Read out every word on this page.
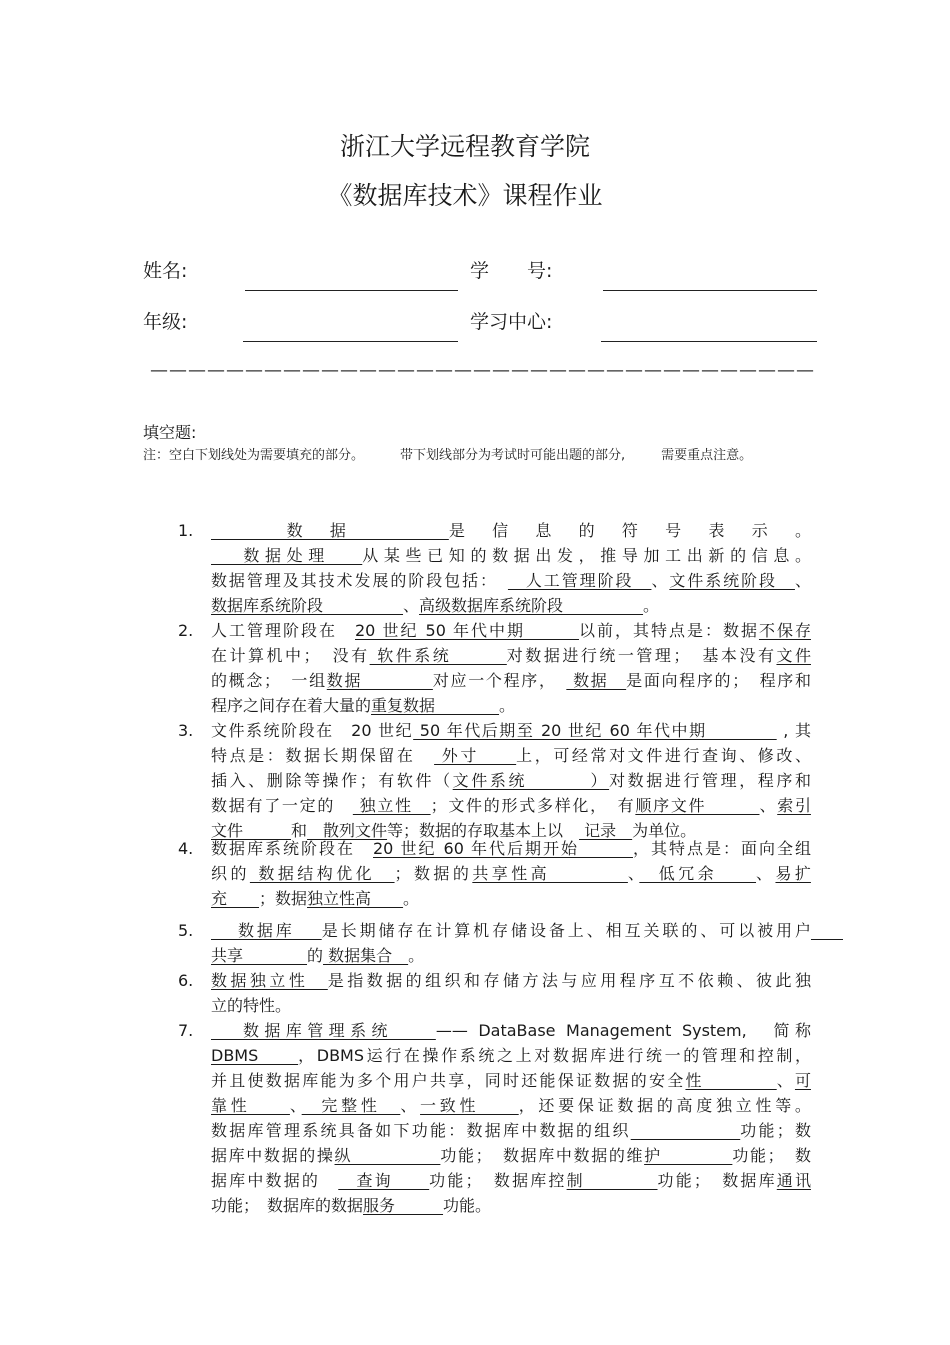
浙江大学远程教育学院
《数据库技术》课程作业
姓名:	学　　号:
年级:	学习中心:
———————————————————————————————————
填空题:
注：空白下划线处为需要填充的部分。	带下划线部分为考试时可能出题的部分,	需要重点注意。
1. 　 数据　 是信息的符号表示。
　 数据处理　 从某些已知的数据出发，推导加工出新的信息。
数据管理及其技术发展的阶段包括：　　人工管理阶段　、文件系统阶段　、
数据库系统阶段　　　　　、高级数据库系统阶段　　　　　。
2. 人工管理阶段在　20 世纪 50 年代中期　　　以前，其特点是：数据不保存
在计算机中；　没有 软件系统　　　对数据进行统一管理；　基本没有文件
的概念；　一组数据　　　　对应一个程序，　 数据　是面向程序的；　程序和
程序之间存在着大量的重复数据　　　　。
3. 文件系统阶段在　20 世纪 50 年代后期至 20 世纪 60 年代中期　　　　 , 其
特点是：数据长期保留在　 外寸　　上，可经常对文件进行查询、修改、
插入、删除等操作；有软件（文件系统　　　 ）对数据进行管理，程序和
数据有了一定的　 独立性　；文件的形式多样化，　有顺序文件　　　、索引
文件　　　和　散列文件等；数据的存取基本上以　 记录　为单位。
4. 数据库系统阶段在　20 世纪 60 年代后期开始　　　，其特点是：面向全组
织的 数据结构优化　；数据的共享性高　　　　、　低冗余　　、易扩
充　　；数据独立性高　　。
5. 　 数据库　 是长期储存在计算机存储设备上、相互关联的、可以被用户　　
共享　　　　的 数据集合　。
6. 数据独立性　是指数据的组织和存储方法与应用程序互不依赖、彼此独
立的特性。
7. 　 数据库管理系统　　—— DataBase Management System,　简称
DBMS　　，DBMS运行在操作系统之上对数据库进行统一的管理和控制，
并且使数据库能为多个用户共享，同时还能保证数据的安全性　　　　、可
靠性　　、　完整性　、一致性　　，还要保证数据的高度独立性等。
数据库管理系统具备如下功能：数据库中数据的组织　　　　　　	功能；数
据库中数据的操纵　　　　　功能；　数据库中数据的维护　　　　功能；　数
据库中数据的　　查询　　功能；　数据库控制　　　　功能；　数据库通讯
功能；　数据库的数据服务　　　功能。
